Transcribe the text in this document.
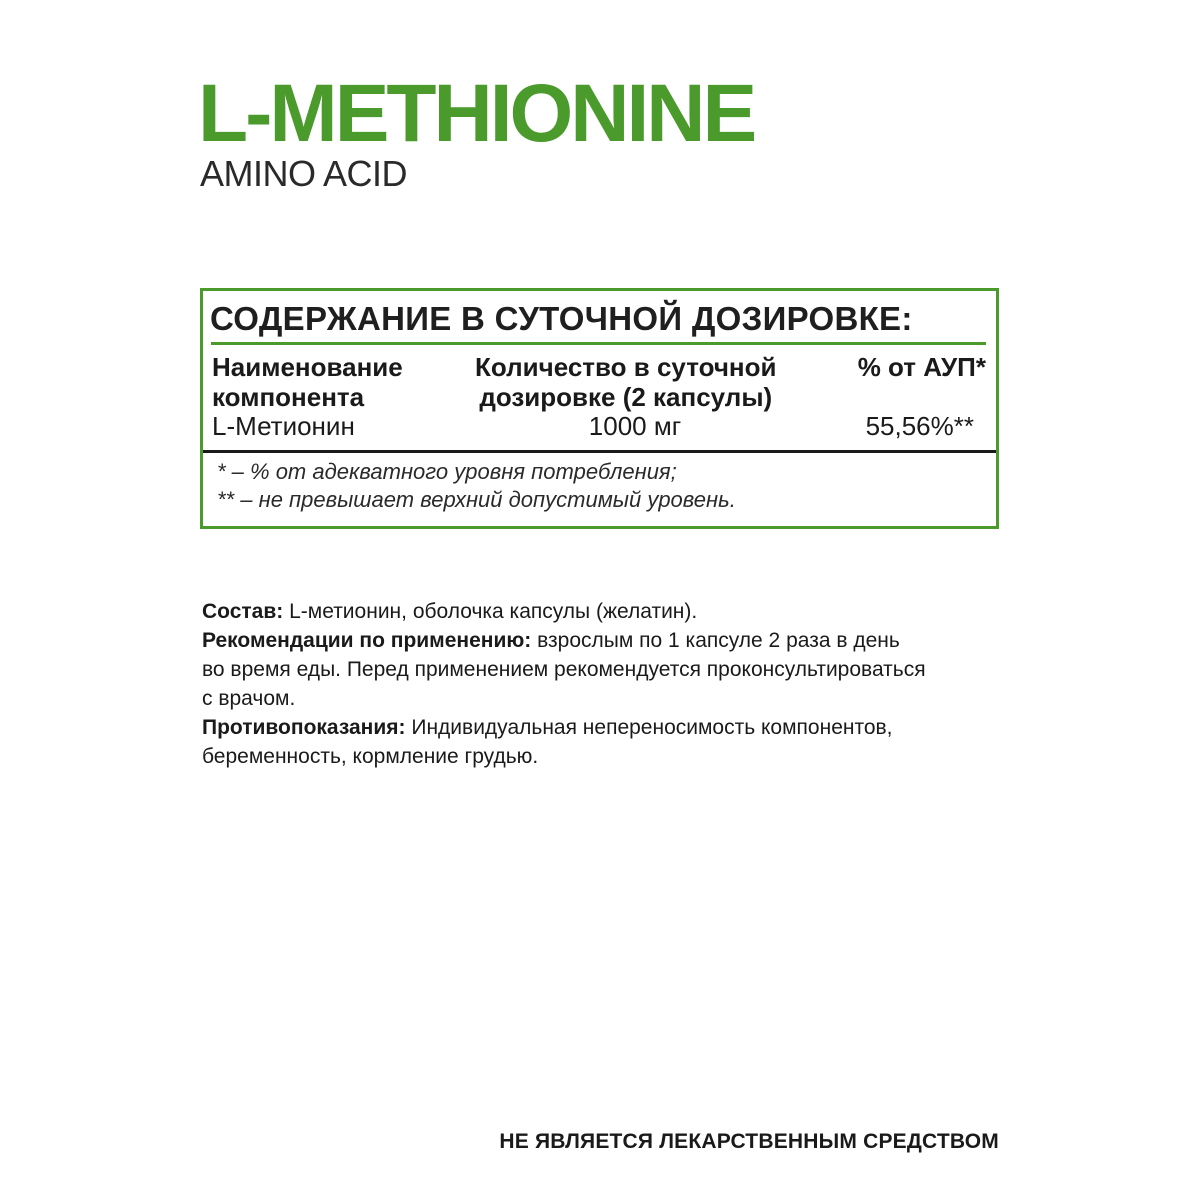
L-METHIONINE
AMINO ACID
СОДЕРЖАНИЕ В СУТОЧНОЙ ДОЗИРОВКЕ:
Наименование
компонента
Количество в суточной
дозировке (2 капсулы)
% от АУП*
L-Метионин	1000 мг	55,56%**
* – % от адекватного уровня потребления;
** – не превышает верхний допустимый уровень.

Состав: L-метионин, оболочка капсулы (желатин).

Рекомендации по применению: взрослым по 1 капсуле 2 раза в день

во время еды. Перед применением рекомендуется проконсультироваться

с врачом.

Противопоказания: Индивидуальная непереносимость компонентов,

беременность, кормление грудью.

НЕ ЯВЛЯЕТСЯ ЛЕКАРСТВЕННЫМ СРЕДСТВОМ
